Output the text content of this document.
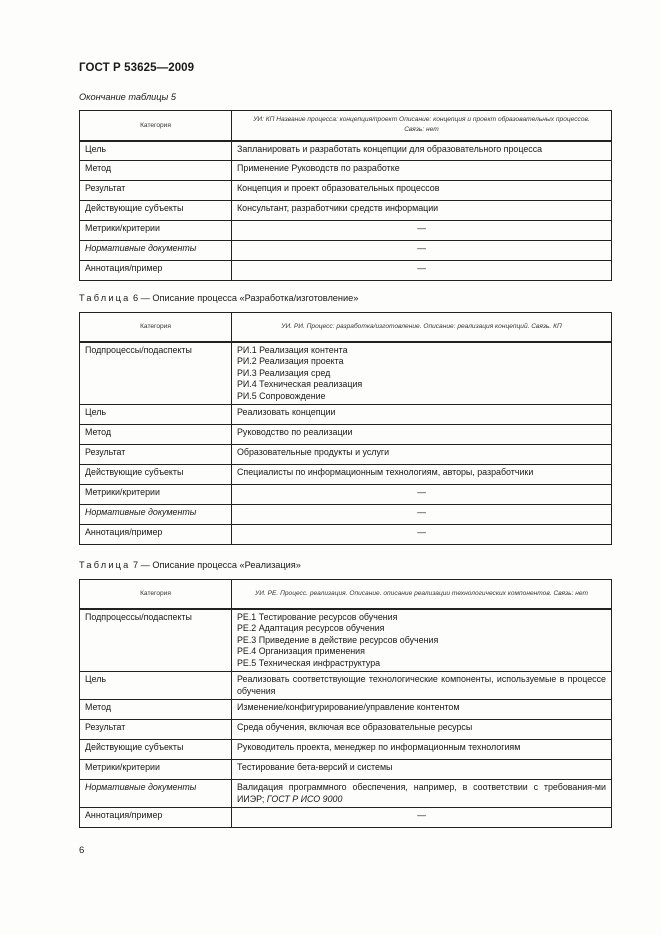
ГОСТ Р 53625—2009
Окончание таблицы 5
Категория	УИ: КП Название процесса: концепция/проект Описание: концепция и проект образовательных процессов. Связь: нет
Цель	Запланировать и разработать концепции для образовательного процесса
Метод	Применение Руководств по разработке
Результат	Концепция и проект образовательных процессов
Действующие субъекты	Консультант, разработчики средств информации
Метрики/критерии	—
Нормативные документы	—
Аннотация/пример	—
Таблица 6 — Описание процесса «Разработка/изготовление»
Категория	УИ. РИ. Процесс: разработка/изготовление. Описание: реализация концепций. Связь. КП
Подпроцессы/подаспекты	РИ.1 Реализация контента
РИ.2 Реализация проекта
РИ.3 Реализация сред
РИ.4 Техническая реализация
РИ.5 Сопровождение

Цель	Реализовать концепции
Метод	Руководство по реализации
Результат	Образовательные продукты и услуги
Действующие субъекты	Специалисты по информационным технологиям, авторы, разработчики
Метрики/критерии	—
Нормативные документы	—
Аннотация/пример	—
Таблица 7 — Описание процесса «Реализация»
Категория	УИ. РЕ. Процесс. реализация. Описание. описание реализации технологических компонентов. Связь: нет
Подпроцессы/подаспекты	РЕ.1 Тестирование ресурсов обучения
РЕ.2 Адаптация ресурсов обучения
РЕ.3 Приведение в действие ресурсов обучения
РЕ.4 Организация применения
РЕ.5 Техническая инфраструктура

Цель	Реализовать соответствующие технологические компоненты, используемые в процессе обучения
Метод	Изменение/конфигурирование/управление контентом
Результат	Среда обучения, включая все образовательные ресурсы
Действующие субъекты	Руководитель проекта, менеджер по информационным технологиям
Метрики/критерии	Тестирование бета-версий и системы
Нормативные документы	Валидация программного обеспечения, например, в соответствии с требования-ми ИИЭР; ГОСТ Р ИСО 9000
Аннотация/пример	—
6
